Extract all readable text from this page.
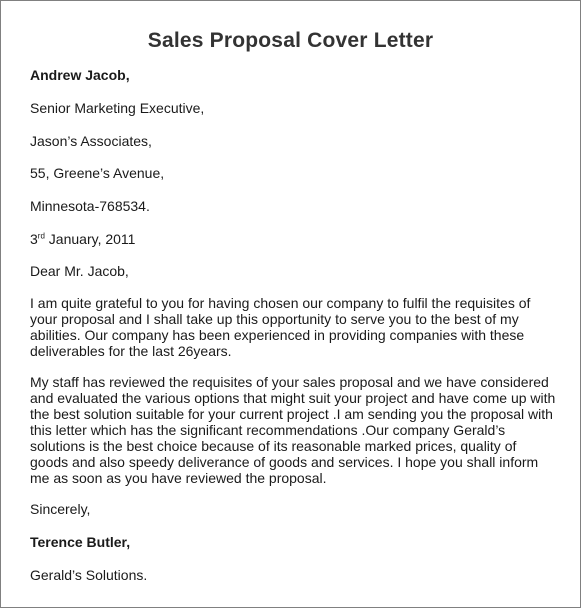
Sales Proposal Cover Letter
Andrew Jacob,
Senior Marketing Executive,
Jason’s Associates,
55, Greene’s Avenue,
Minnesota-768534.
3rd January, 2011
Dear Mr. Jacob,
I am quite grateful to you for having chosen our company to fulfil the requisites of
your proposal and I shall take up this opportunity to serve you to the best of my
abilities. Our company has been experienced in providing companies with these
deliverables for the last 26years.
My staff has reviewed the requisites of your sales proposal and we have considered
and evaluated the various options that might suit your project and have come up with
the best solution suitable for your current project .I am sending you the proposal with
this letter which has the significant recommendations .Our company Gerald’s
solutions is the best choice because of its reasonable marked prices, quality of
goods and also speedy deliverance of goods and services. I hope you shall inform
me as soon as you have reviewed the proposal.
Sincerely,
Terence Butler,
Gerald’s Solutions.
